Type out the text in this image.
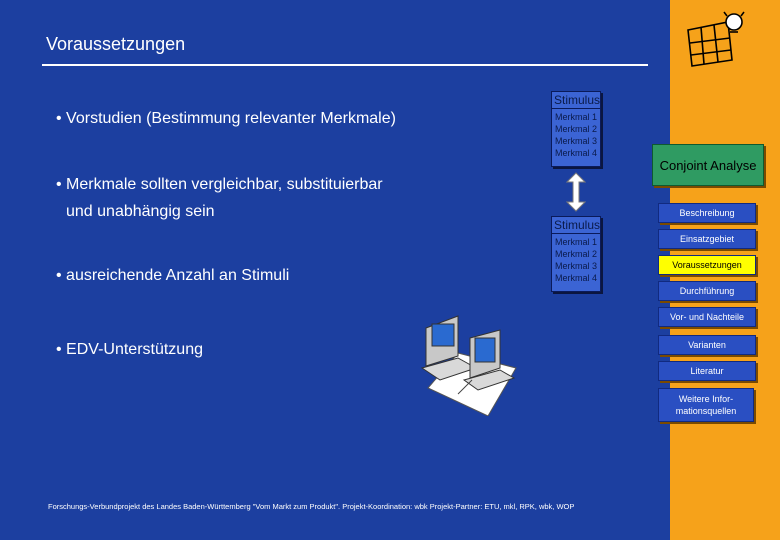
Voraussetzungen
• Vorstudien (Bestimmung relevanter Merkmale)
• Merkmale sollten vergleichbar, substituierbar
und unabhängig sein
• ausreichende Anzahl an Stimuli
• EDV-Unterstützung
Stimulus
Merkmal 1
Merkmal 2
Merkmal 3
Merkmal 4
Stimulus
Merkmal 1
Merkmal 2
Merkmal 3
Merkmal 4
Conjoint Analyse
Beschreibung
Einsatzgebiet
Voraussetzungen
Durchführung
Vor- und Nachteile
Varianten
Literatur
Weitere Infor-mationsquellen
Forschungs-Verbundprojekt des Landes Baden-Württemberg "Vom Markt zum Produkt". Projekt-Koordination: wbk Projekt-Partner: ETU, mkl, RPK, wbk, WOP
